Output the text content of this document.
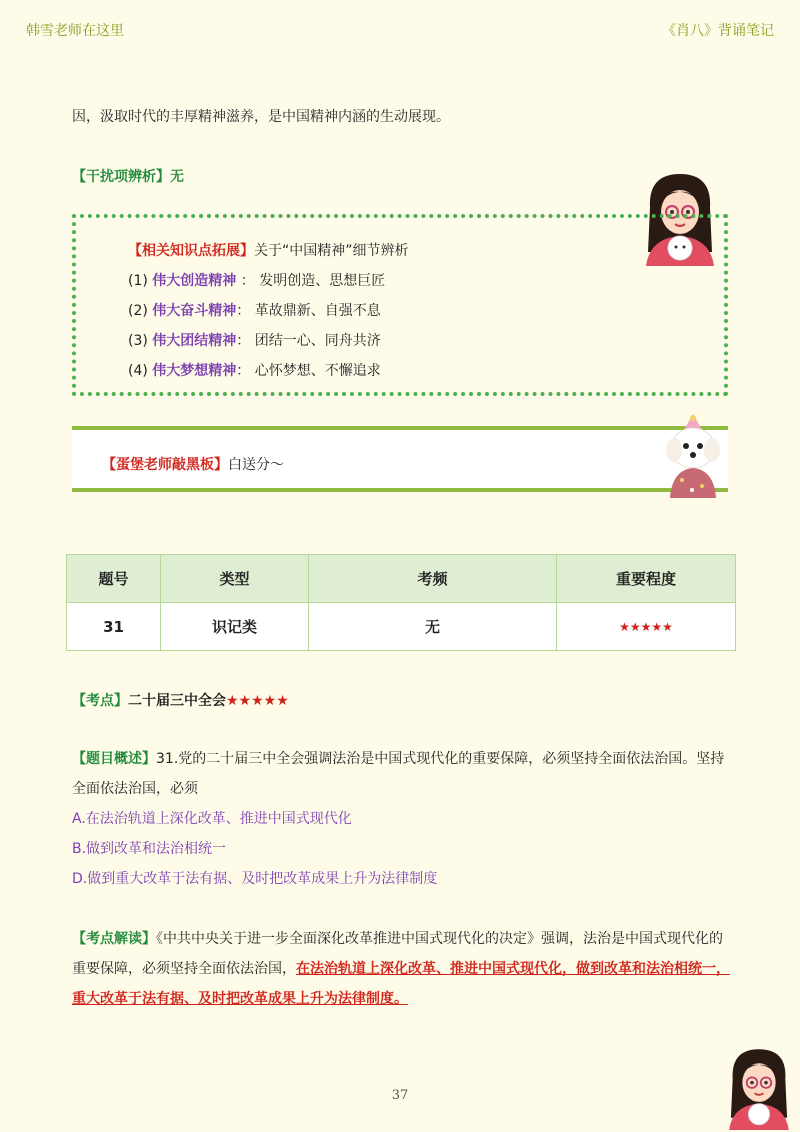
韩雪老师在这里	《肖八》背诵笔记
因，汲取时代的丰厚精神滋养，是中国精神内涵的生动展现。
【干扰项辨析】无
【相关知识点拓展】关于“中国精神”细节辨析
(1) 伟大创造精神 ： 发明创造、思想巨匠
(2) 伟大奋斗精神： 革故鼎新、自强不息
(3) 伟大团结精神： 团结一心、同舟共济
(4) 伟大梦想精神： 心怀梦想、不懈追求
【蛋堡老师敲黑板】白送分～
题号	类型	考频	重要程度
31	识记类	无	★★★★★
【考点】二十届三中全会★★★★★
【题目概述】31.党的二十届三中全会强调法治是中国式现代化的重要保障，必须坚持全面依法治国。坚持
全面依法治国，必须
A.在法治轨道上深化改革、推进中国式现代化
B.做到改革和法治相统一
D.做到重大改革于法有据、及时把改革成果上升为法律制度
【考点解读】《中共中央关于进一步全面深化改革推进中国式现代化的决定》强调，法治是中国式现代化的
重要保障，必须坚持全面依法治国，在法治轨道上深化改革、推进中国式现代化，做到改革和法治相统一，
重大改革于法有据、及时把改革成果上升为法律制度。
37
